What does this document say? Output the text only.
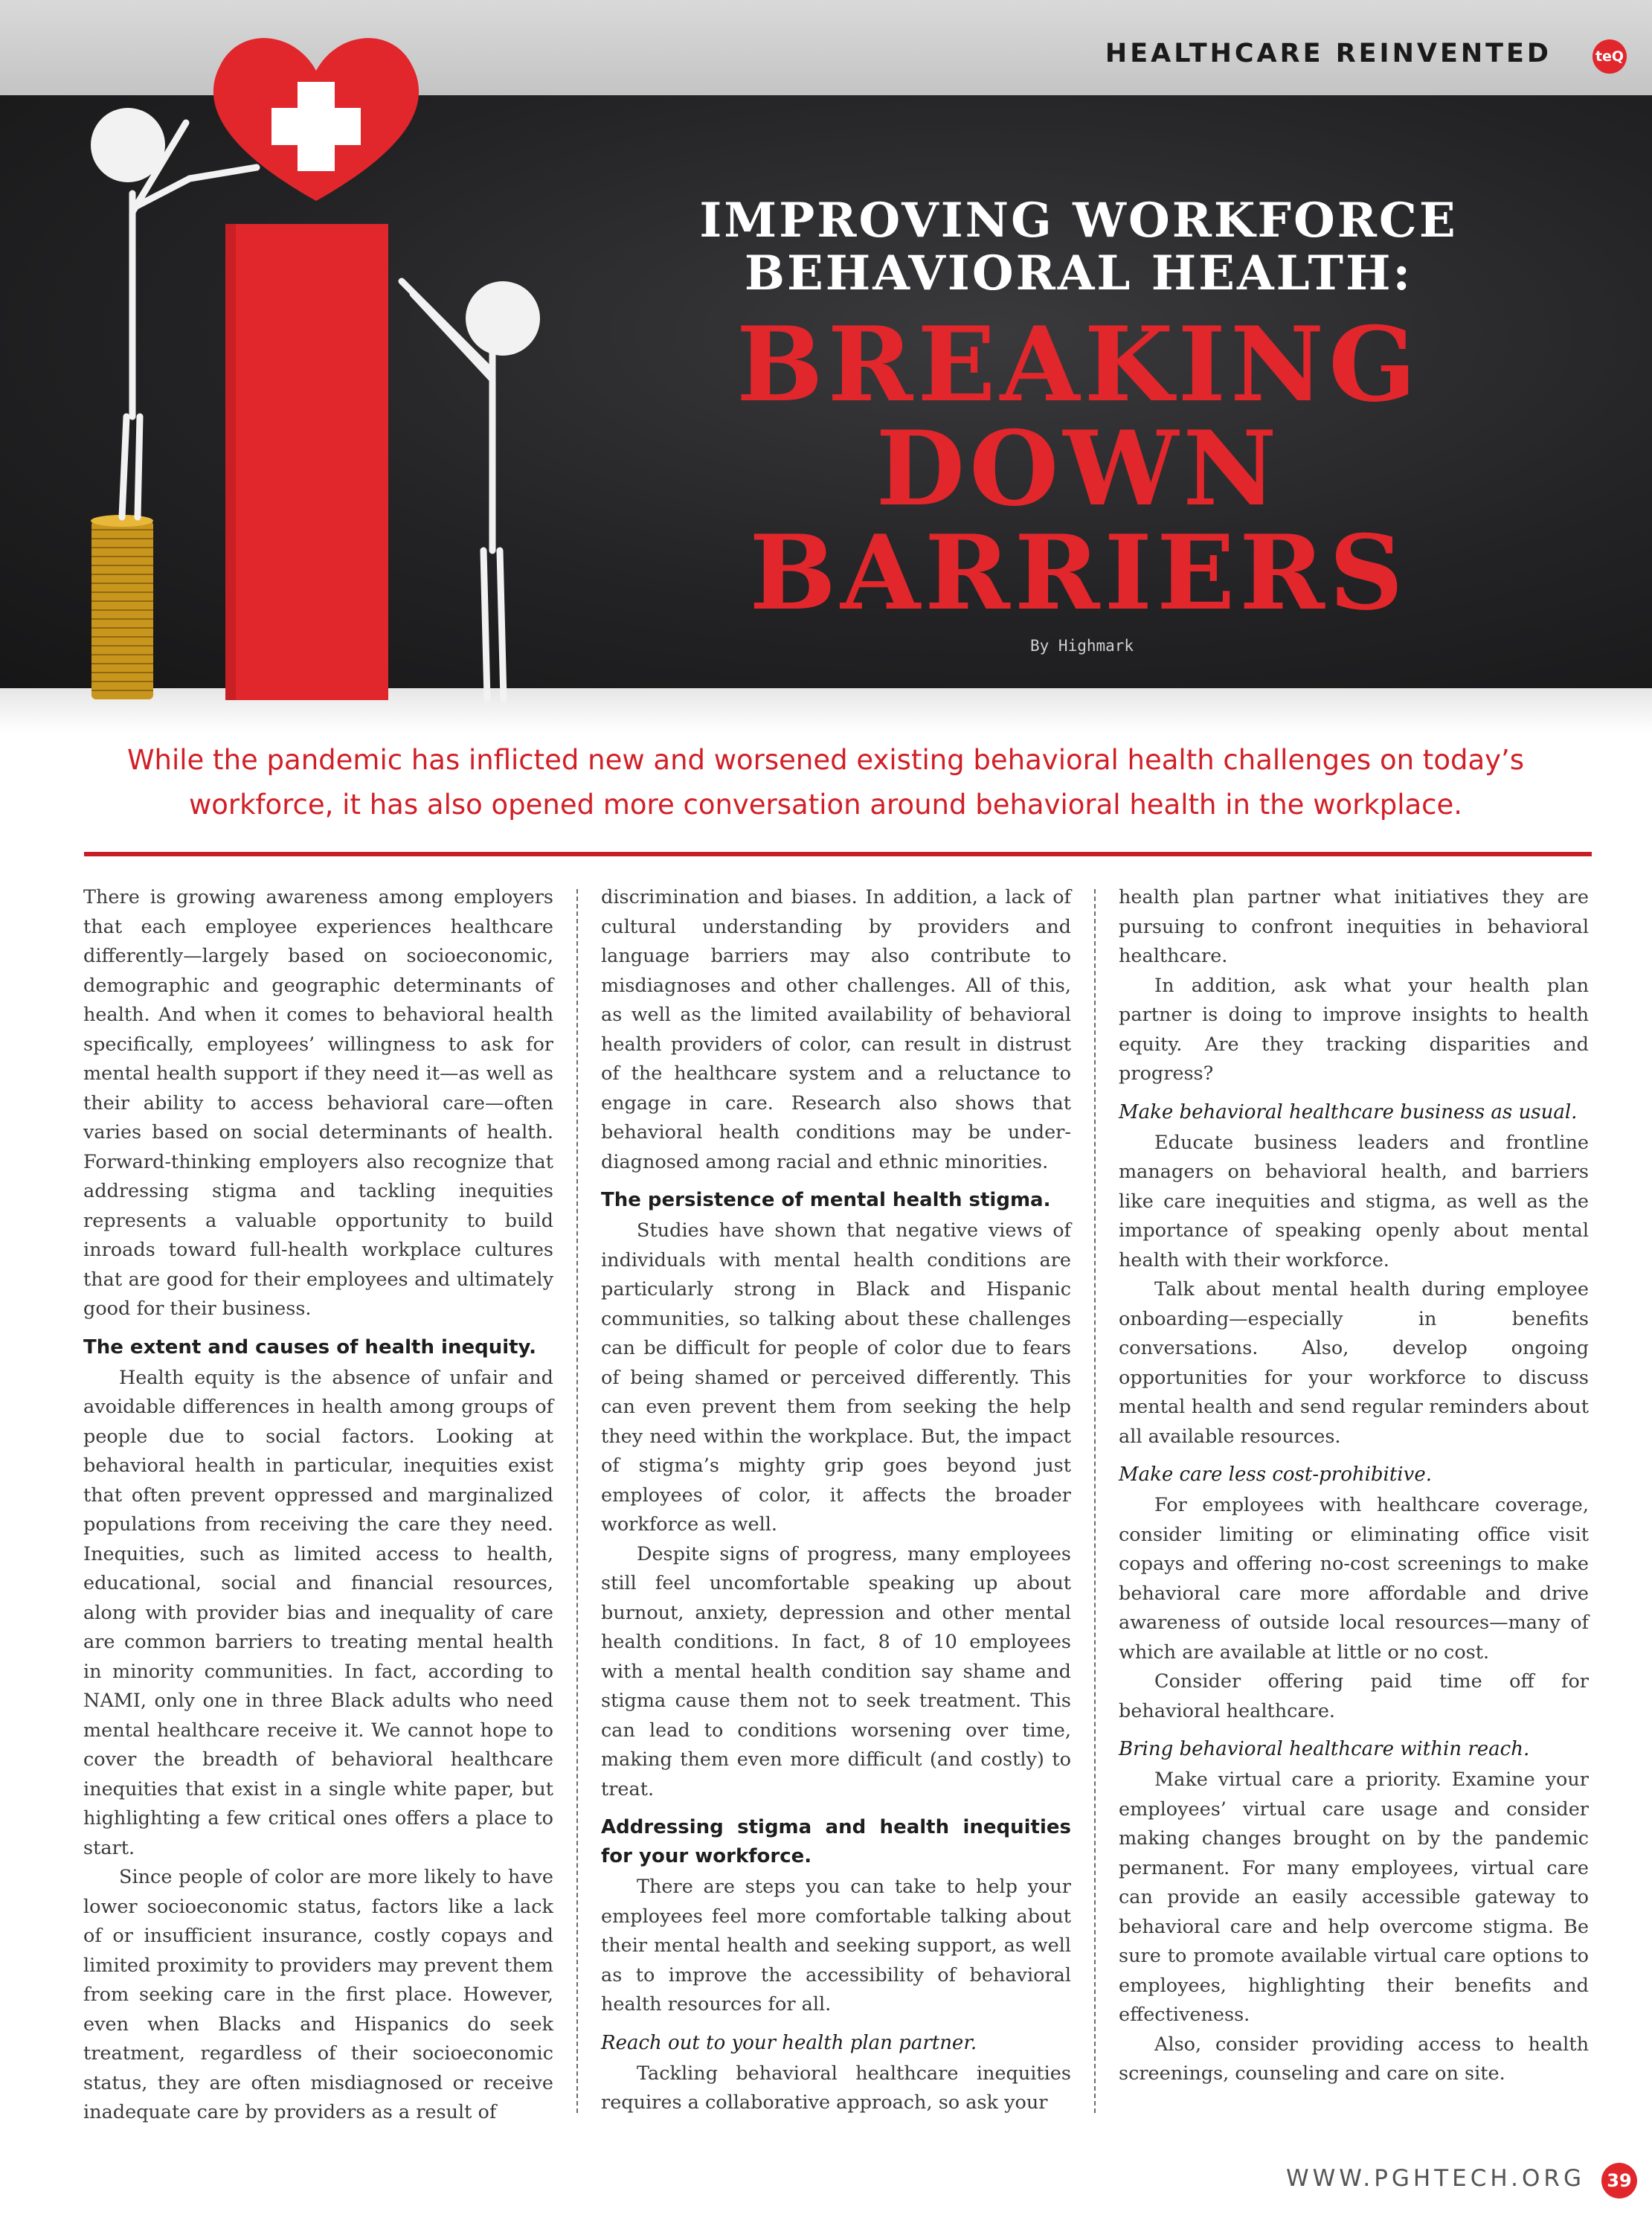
HEALTHCARE REINVENTED	teQ
IMPROVING WORKFORCE
BEHAVIORAL HEALTH:
BREAKING
DOWN
BARRIERS
By Highmark
While the pandemic has inflicted new and worsened existing behavioral health challenges on today’s workforce, it has also opened more conversation around behavioral health in the workplace.

There is growing awareness among employers that each employee experiences healthcare differently—largely based on socioeconomic, demographic and geographic determinants of health. And when it comes to behavioral health specifically, employees’ willingness to ask for mental health support if they need it—as well as their ability to access behavioral care—often varies based on social determinants of health. Forward-thinking employers also recognize that addressing stigma and tackling inequities represents a valuable opportunity to build inroads toward full-health workplace cultures that are good for their employees and ultimately good for their business.

The extent and causes of health inequity.

Health equity is the absence of unfair and avoidable differences in health among groups of people due to social factors. Looking at behavioral health in particular, inequities exist that often prevent oppressed and marginalized populations from receiving the care they need. Inequities, such as limited access to health, educational, social and financial resources, along with provider bias and inequality of care are common barriers to treating mental health in minority communities. In fact, according to NAMI, only one in three Black adults who need mental healthcare receive it. We cannot hope to cover the breadth of behavioral healthcare inequities that exist in a single white paper, but highlighting a few critical ones offers a place to start.

Since people of color are more likely to have lower socioeconomic status, factors like a lack of or insufficient insurance, costly copays and limited proximity to providers may prevent them from seeking care in the first place. However, even when Blacks and Hispanics do seek treatment, regardless of their socioeconomic status, they are often misdiagnosed or receive inadequate care by providers as a result of

discrimination and biases. In addition, a lack of cultural understanding by providers and language barriers may also contribute to misdiagnoses and other challenges. All of this, as well as the limited availability of behavioral health providers of color, can result in distrust of the healthcare system and a reluctance to engage in care. Research also shows that behavioral health conditions may be under-diagnosed among racial and ethnic minorities.

The persistence of mental health stigma.

Studies have shown that negative views of individuals with mental health conditions are particularly strong in Black and Hispanic communities, so talking about these challenges can be difficult for people of color due to fears of being shamed or perceived differently. This can even prevent them from seeking the help they need within the workplace. But, the impact of stigma’s mighty grip goes beyond just employees of color, it affects the broader workforce as well.

Despite signs of progress, many employees still feel uncomfortable speaking up about burnout, anxiety, depression and other mental health conditions. In fact, 8 of 10 employees with a mental health condition say shame and stigma cause them not to seek treatment. This can lead to conditions worsening over time, making them even more difficult (and costly) to treat.

Addressing stigma and health inequities for your workforce.

There are steps you can take to help your employees feel more comfortable talking about their mental health and seeking support, as well as to improve the accessibility of behavioral health resources for all.

Reach out to your health plan partner.

Tackling behavioral healthcare inequities requires a collaborative approach, so ask your

health plan partner what initiatives they are pursuing to confront inequities in behavioral healthcare.

In addition, ask what your health plan partner is doing to improve insights to health equity. Are they tracking disparities and progress?

Make behavioral healthcare business as usual.

Educate business leaders and frontline managers on behavioral health, and barriers like care inequities and stigma, as well as the importance of speaking openly about mental health with their workforce.

Talk about mental health during employee onboarding—especially in benefits conversations. Also, develop ongoing opportunities for your workforce to discuss mental health and send regular reminders about all available resources.

Make care less cost-prohibitive.

For employees with healthcare coverage, consider limiting or eliminating office visit copays and offering no-cost screenings to make behavioral care more affordable and drive awareness of outside local resources—many of which are available at little or no cost.

Consider offering paid time off for behavioral healthcare.

Bring behavioral healthcare within reach.

Make virtual care a priority. Examine your employees’ virtual care usage and consider making changes brought on by the pandemic permanent. For many employees, virtual care can provide an easily accessible gateway to behavioral care and help overcome stigma. Be sure to promote available virtual care options to employees, highlighting their benefits and effectiveness.

Also, consider providing access to health screenings, counseling and care on site.

WWW.PGHTECH.ORG	39
